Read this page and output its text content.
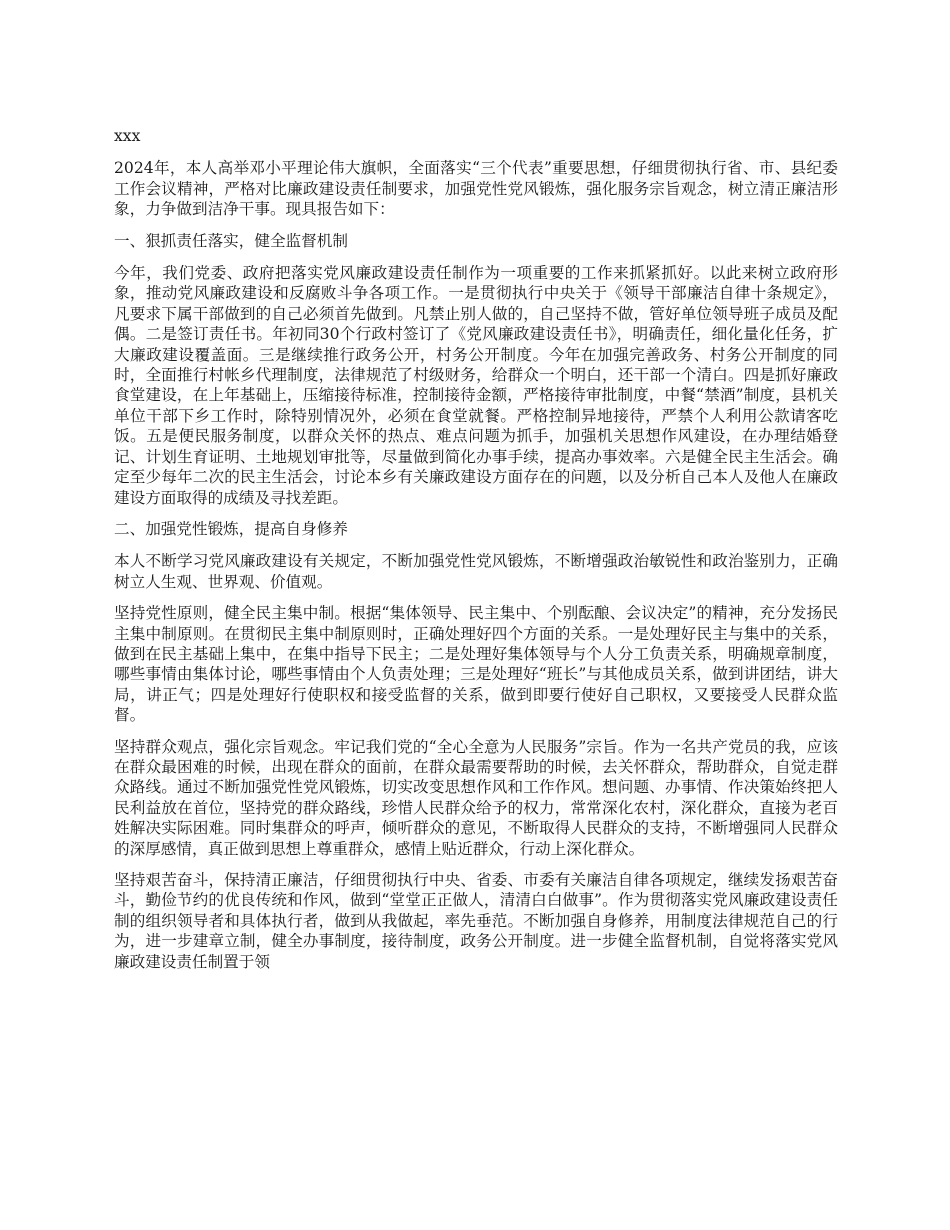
xxx

2024年，本人高举邓小平理论伟大旗帜，全面落实“三个代表”重要思想，仔细贯彻执行省、市、县纪委工作会议精神，严格对比廉政建设责任制要求，加强党性党风锻炼，强化服务宗旨观念，树立清正廉洁形象，力争做到洁净干事。现具报告如下：

一、狠抓责任落实，健全监督机制

今年，我们党委、政府把落实党风廉政建设责任制作为一项重要的工作来抓紧抓好。以此来树立政府形象，推动党风廉政建设和反腐败斗争各项工作。一是贯彻执行中央关于《领导干部廉洁自律十条规定》，凡要求下属干部做到的自己必须首先做到。凡禁止别人做的，自己坚持不做，管好单位领导班子成员及配偶。二是签订责任书。年初同30个行政村签订了《党风廉政建设责任书》，明确责任，细化量化任务，扩大廉政建设覆盖面。三是继续推行政务公开，村务公开制度。今年在加强完善政务、村务公开制度的同时，全面推行村帐乡代理制度，法律规范了村级财务，给群众一个明白，还干部一个清白。四是抓好廉政食堂建设，在上年基础上，压缩接待标准，控制接待金额，严格接待审批制度，中餐“禁酒”制度，县机关单位干部下乡工作时，除特别情况外，必须在食堂就餐。严格控制异地接待，严禁个人利用公款请客吃饭。五是便民服务制度，以群众关怀的热点、难点问题为抓手，加强机关思想作风建设，在办理结婚登记、计划生育证明、土地规划审批等，尽量做到简化办事手续，提高办事效率。六是健全民主生活会。确定至少每年二次的民主生活会，讨论本乡有关廉政建设方面存在的问题，以及分析自己本人及他人在廉政建设方面取得的成绩及寻找差距。

二、加强党性锻炼，提高自身修养

本人不断学习党风廉政建设有关规定，不断加强党性党风锻炼，不断增强政治敏锐性和政治鉴别力，正确树立人生观、世界观、价值观。

坚持党性原则，健全民主集中制。根据“集体领导、民主集中、个别酝酿、会议决定”的精神，充分发扬民主集中制原则。在贯彻民主集中制原则时，正确处理好四个方面的关系。一是处理好民主与集中的关系，做到在民主基础上集中，在集中指导下民主；二是处理好集体领导与个人分工负责关系，明确规章制度，哪些事情由集体讨论，哪些事情由个人负责处理；三是处理好“班长”与其他成员关系，做到讲团结，讲大局，讲正气；四是处理好行使职权和接受监督的关系，做到即要行使好自己职权，又要接受人民群众监督。

坚持群众观点，强化宗旨观念。牢记我们党的“全心全意为人民服务”宗旨。作为一名共产党员的我，应该在群众最困难的时候，出现在群众的面前，在群众最需要帮助的时候，去关怀群众，帮助群众，自觉走群众路线。通过不断加强党性党风锻炼，切实改变思想作风和工作作风。想问题、办事情、作决策始终把人民利益放在首位，坚持党的群众路线，珍惜人民群众给予的权力，常常深化农村，深化群众，直接为老百姓解决实际困难。同时集群众的呼声，倾听群众的意见，不断取得人民群众的支持，不断增强同人民群众的深厚感情，真正做到思想上尊重群众，感情上贴近群众，行动上深化群众。

坚持艰苦奋斗，保持清正廉洁，仔细贯彻执行中央、省委、市委有关廉洁自律各项规定，继续发扬艰苦奋斗，勤俭节约的优良传统和作风，做到“堂堂正正做人，清清白白做事”。作为贯彻落实党风廉政建设责任制的组织领导者和具体执行者，做到从我做起，率先垂范。不断加强自身修养，用制度法律规范自己的行为，进一步建章立制，健全办事制度，接待制度，政务公开制度。进一步健全监督机制，自觉将落实党风廉政建设责任制置于领
